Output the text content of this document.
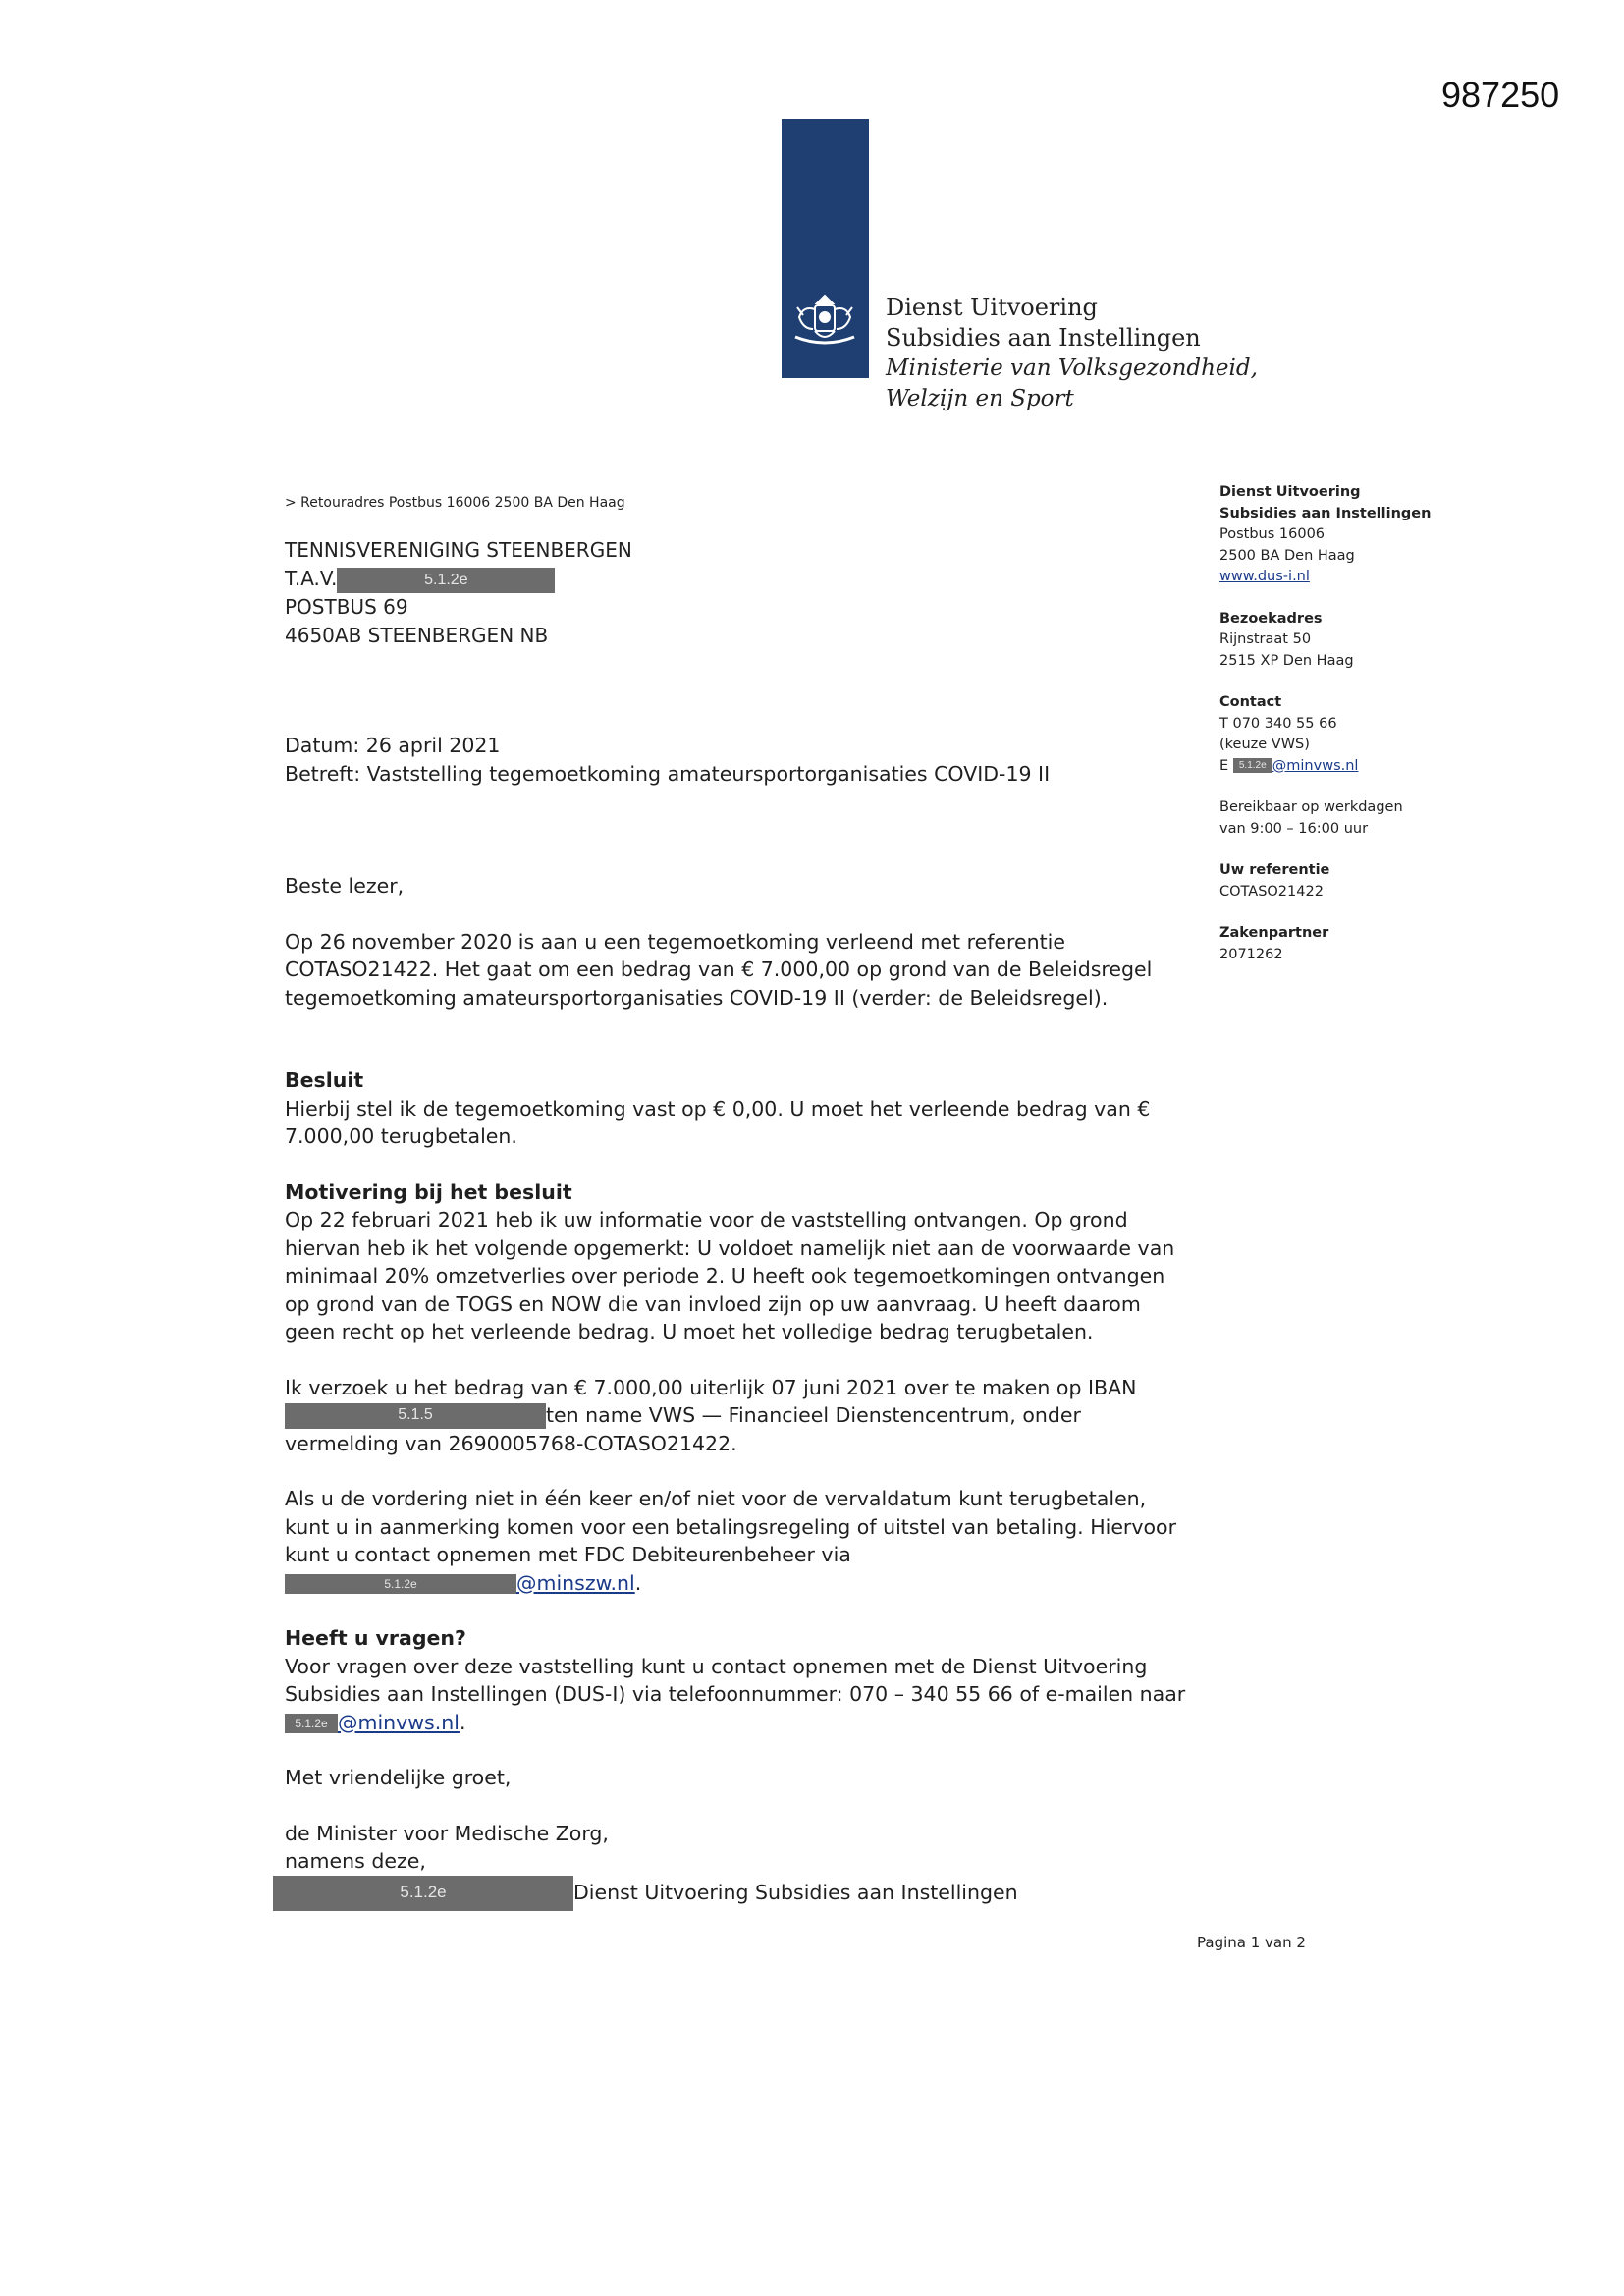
987250
Dienst Uitvoering
Subsidies aan Instellingen
Ministerie van Volksgezondheid,
Welzijn en Sport
> Retouradres Postbus 16006 2500 BA Den Haag
TENNISVERENIGING STEENBERGEN
T.A.V.	5.1.2e
POSTBUS 69
4650AB STEENBERGEN NB
Dienst Uitvoering
Subsidies aan Instellingen
Postbus 16006
2500 BA Den Haag
www.dus-i.nl
Bezoekadres
Rijnstraat 50
2515 XP Den Haag
Contact
T 070 340 55 66
(keuze VWS)
E 5.1.2e @minvws.nl
Bereikbaar op werkdagen
van 9:00 – 16:00 uur
Uw referentie
COTASO21422
Zakenpartner
2071262

Datum: 26 april 2021

Betreft: Vaststelling tegemoetkoming amateursportorganisaties COVID-19 II

Beste lezer,

Op 26 november 2020 is aan u een tegemoetkoming verleend met referentie COTASO21422. Het gaat om een bedrag van € 7.000,00 op grond van de Beleidsregel tegemoetkoming amateursportorganisaties COVID-19 II (verder: de Beleidsregel).

Besluit

Hierbij stel ik de tegemoetkoming vast op € 0,00. U moet het verleende bedrag van € 7.000,00 terugbetalen.

Motivering bij het besluit

Op 22 februari 2021 heb ik uw informatie voor de vaststelling ontvangen. Op grond hiervan heb ik het volgende opgemerkt: U voldoet namelijk niet aan de voorwaarde van minimaal 20% omzetverlies over periode 2. U heeft ook tegemoetkomingen ontvangen op grond van de TOGS en NOW die van invloed zijn op uw aanvraag. U heeft daarom geen recht op het verleende bedrag. U moet het volledige bedrag terugbetalen.

Ik verzoek u het bedrag van € 7.000,00 uiterlijk 07 juni 2021 over te maken op IBAN5.1.5	ten name VWS — Financieel Dienstencentrum, onder vermelding van 2690005768-COTASO21422.

Als u de vordering niet in één keer en/of niet voor de vervaldatum kunt terugbetalen, kunt u in aanmerking komen voor een betalingsregeling of uitstel van betaling. Hiervoor kunt u contact opnemen met FDC Debiteurenbeheer via
5.1.2e	@minszw.nl.

Heeft u vragen?

Voor vragen over deze vaststelling kunt u contact opnemen met de Dienst Uitvoering Subsidies aan Instellingen (DUS-I) via telefoonnummer: 070 – 340 55 66 of e-mailen naar 5.1.2e @minvws.nl.

Met vriendelijke groet,

de Minister voor Medische Zorg,

namens deze,

5.1.2e	Dienst Uitvoering Subsidies aan Instellingen

Pagina 1 van 2
